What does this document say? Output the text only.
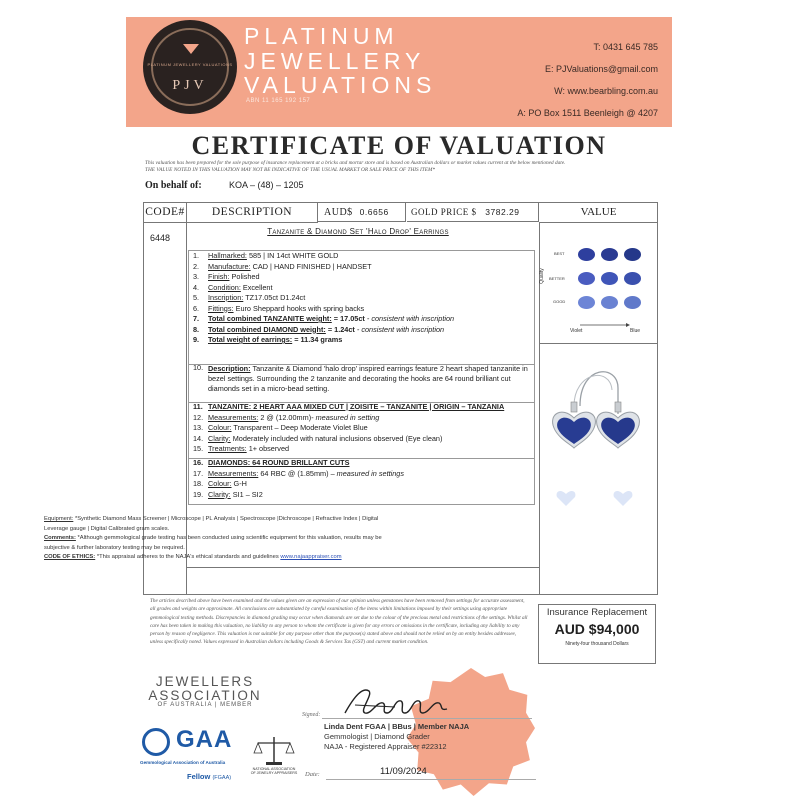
PLATINUM JEWELLERY VALUATIONS
PJV
PLATINUM
JEWELLERY
VALUATIONS
ABN 11 165 192 157
T: 0431 645 785
E: PJValuations@gmail.com
W: www.bearbling.com.au
A: PO Box 1511 Beenleigh @ 4207
CERTIFICATE OF VALUATION
This valuation has been prepared for the sole purpose of insurance replacement at a bricks and mortar store and is based on Australian dollars or market values current at the below mentioned date.
THE VALUE NOTED IN THIS VALUATION MAY NOT BE INDICATIVE OF THE USUAL MARKET OR SALE PRICE OF THIS ITEM*
On behalf of:	KOA – (48) – 1205
CODE#	DESCRIPTION	AUD$ 0.6656	GOLD PRICE $ 3782.29
6448
Tanzanite & Diamond Set 'Halo Drop' Earrings
1. Hallmarked: 585 | IN 14ct WHITE GOLD
2. Manufacture: CAD | HAND FINISHED | HANDSET
3. Finish: Polished
4. Condition: Excellent
5. Inscription: TZ17.05ct D1.24ct
6. Fittings: Euro Sheppard hooks with spring backs
7. Total combined TANZANITE weight: = 17.05ct - consistent with inscription
8. Total combined DIAMOND weight: = 1.24ct - consistent with inscription
9. Total weight of earrings: = 11.34 grams
10. Description: Tanzanite & Diamond 'halo drop' inspired earrings feature 2 heart shaped tanzanite in bezel settings. Surrounding the 2 tanzanite and decorating the hooks are 64 round brilliant cut diamonds set in a micro-bead setting.
11. TANZANITE: 2 HEART AAA MIXED CUT | ZOISITE – TANZANITE | ORIGIN – TANZANIA
12. Measurements: 2 @ (12.00mm)- measured in setting
13. Colour: Transparent – Deep Moderate Violet Blue
14. Clarity: Moderately included with natural inclusions observed (Eye clean)
15. Treatments: 1+ observed
16. DIAMONDS: 64 ROUND BRILLANT CUTS
17. Measurements: 64 RBC @ (1.85mm) – measured in settings
18. Colour: G-H
19. Clarity: SI1 – SI2
VALUE
BEST
BETTER
GOOD
Quality
Violet	Blue
Equipment: *Synthetic Diamond Mass Screener | Microscope | PL Analysis | Spectroscope |Dichroscope | Refractive Index | Digital Leverage gauge | Digital Calibrated gram scales.
Comments: *Although gemmological grade testing has been conducted using scientific equipment for this valuation, results may be subjective & further laboratory testing may be required.
CODE OF ETHICS: *This appraisal adheres to the NAJA's ethical standards and guidelines www.najaappraiser.com
The articles described above have been examined and the values given are an expression of our opinion unless gemstones have been removed from settings for accurate assessment, all grades and weights are approximate. All conclusions are substantiated by careful examination of the items within limitations imposed by their settings using appropriate gemmological testing methods. Discrepancies in diamond grading may occur when diamonds are set due to the colour of the precious metal and restrictions of the settings. Whilst all care has been taken in making this valuation, no liability to any person to whom the certificate is given for any errors or omissions in the certificate, including any liability to any person by reason of negligence. This valuation is not suitable for any purpose other than the purpose(s) stated above and should not be relied on by an entity besides addressee, unless specifically noted. Values expressed in Australian dollars including Goods & Services Tax (GST) and current market condition.
Insurance Replacement
AUD $94,000
Ninety-four thousand Dollars
JEWELLERS
ASSOCIATION
OF AUSTRALIA | MEMBER
Signed:
Linda Dent FGAA | BBus | Member NAJA
Gemmologist | Diamond Grader
NAJA - Registered Appraiser #22312
GAA
Gemmological Association of Australia
Fellow (FGAA)
NATIONAL ASSOCIATION OF JEWELRY APPRAISERS Date:	11/09/2024
